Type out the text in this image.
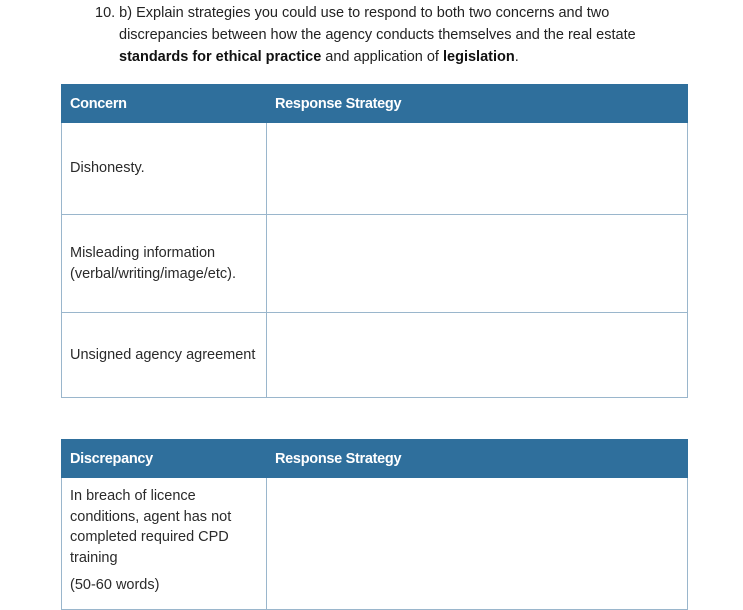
10. b) Explain strategies you could use to respond to both two concerns and two
discrepancies between how the agency conducts themselves and the real estate
standards for ethical practice and application of legislation.
Concern	Response Strategy
Dishonesty.	
Misleading information (verbal/writing/image/etc).	
Unsigned agency agreement	
Discrepancy	Response Strategy

In breach of licence conditions, agent has not completed required CPD training
(50-60 words)	
